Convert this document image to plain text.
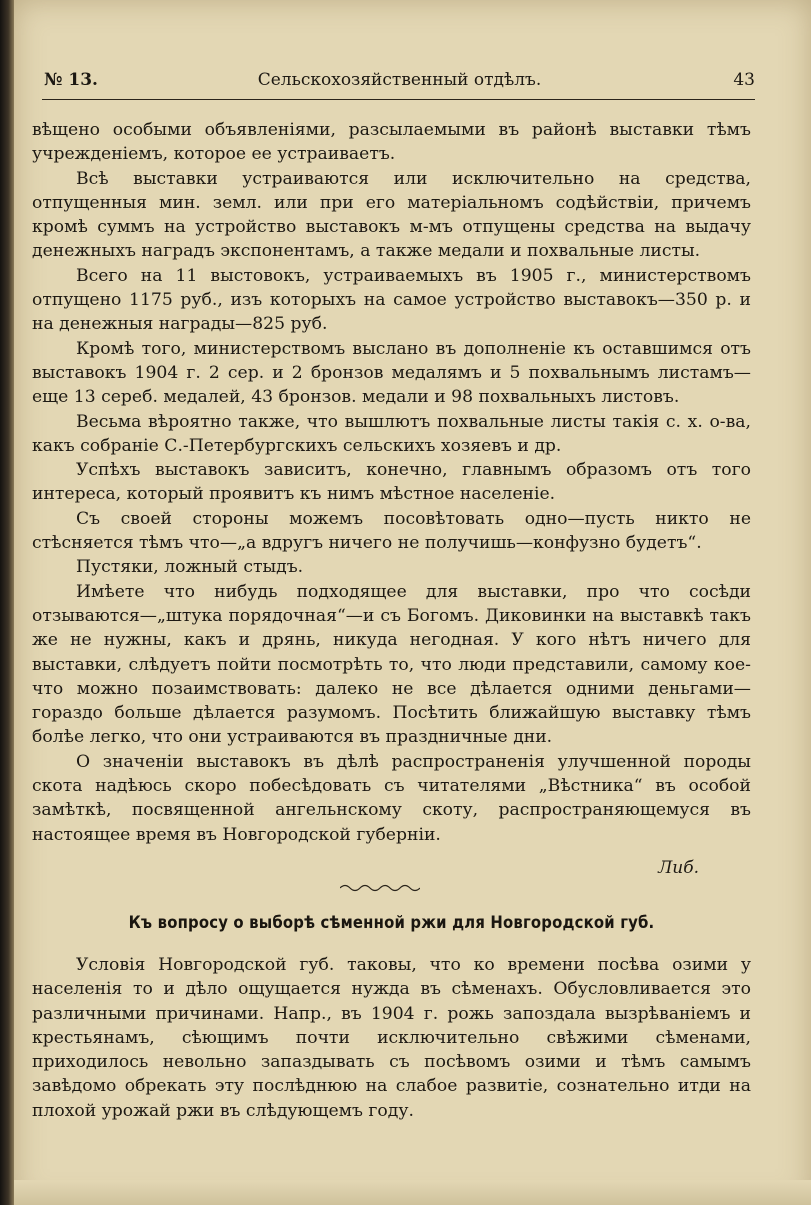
№ 13.	Сельскохозяйственный отдѣлъ.	43

вѣщено особыми объявленіями, разсылаемыми въ районѣ выставки тѣмъ учрежденіемъ, которое ее устраиваетъ.

Всѣ выставки устраиваются или исключительно на средства, отпущенныя мин. земл. или при его матеріальномъ содѣйствіи, причемъ кромѣ суммъ на устройство выставокъ м-мъ отпущены средства на выдачу денежныхъ наградъ экспонентамъ, а также медали и похвальные листы.

Всего на 11 выстовокъ, устраиваемыхъ въ 1905 г., министерствомъ отпущено 1175 руб., изъ которыхъ на самое устройство выставокъ—350 р. и на денежныя награды—825 руб.

Кромѣ того, министерствомъ выслано въ дополненіе къ оставшимся отъ выставокъ 1904 г. 2 сер. и 2 бронзов медалямъ и 5 похвальнымъ листамъ—еще 13 сереб. медалей, 43 бронзов. медали и 98 похвальныхъ листовъ.

Весьма вѣроятно также, что вышлютъ похвальные листы такія с. х. о-ва, какъ собраніе С.-Петербургскихъ сельскихъ хозяевъ и др.

Успѣхъ выставокъ зависитъ, конечно, главнымъ образомъ отъ того интереса, который проявитъ къ нимъ мѣстное населеніе.

Съ своей стороны можемъ посовѣтовать одно—пусть никто не стѣсняется тѣмъ что—„а вдругъ ничего не получишь—конфузно будетъ“.

Пустяки, ложный стыдъ.

Имѣете что нибудь подходящее для выставки, про что сосѣди отзываются—„штука порядочная“—и съ Богомъ. Диковинки на выставкѣ такъ же не нужны, какъ и дрянь, никуда негодная. У кого нѣтъ ничего для выставки, слѣдуетъ пойти посмотрѣть то, что люди представили, самому кое-что можно позаимствовать: далеко не все дѣлается одними деньгами—гораздо больше дѣлается разумомъ. Посѣтить ближайшую выставку тѣмъ болѣе легко, что они устраиваются въ праздничные дни.

О значеніи выставокъ въ дѣлѣ распространенія улучшенной породы скота надѣюсь скоро побесѣдовать съ читателями „Вѣстника“ въ особой замѣткѣ, посвященной ангельнскому скоту, распространяющемуся въ настоящее время въ Новгородской губерніи.

Либ.
Къ вопросу о выборѣ сѣменной ржи для Новгородской губ.

Условія Новгородской губ. таковы, что ко времени посѣва озими у населенія то и дѣло ощущается нужда въ сѣменахъ. Обусловливается это различными причинами. Напр., въ 1904 г. рожь запоздала вызрѣваніемъ и крестьянамъ, сѣющимъ почти исключительно свѣжими сѣменами, приходилось невольно запаздывать съ посѣвомъ озими и тѣмъ самымъ завѣдомо обрекать эту послѣднюю на слабое развитіе, сознательно итди на плохой урожай ржи въ слѣдующемъ году.
